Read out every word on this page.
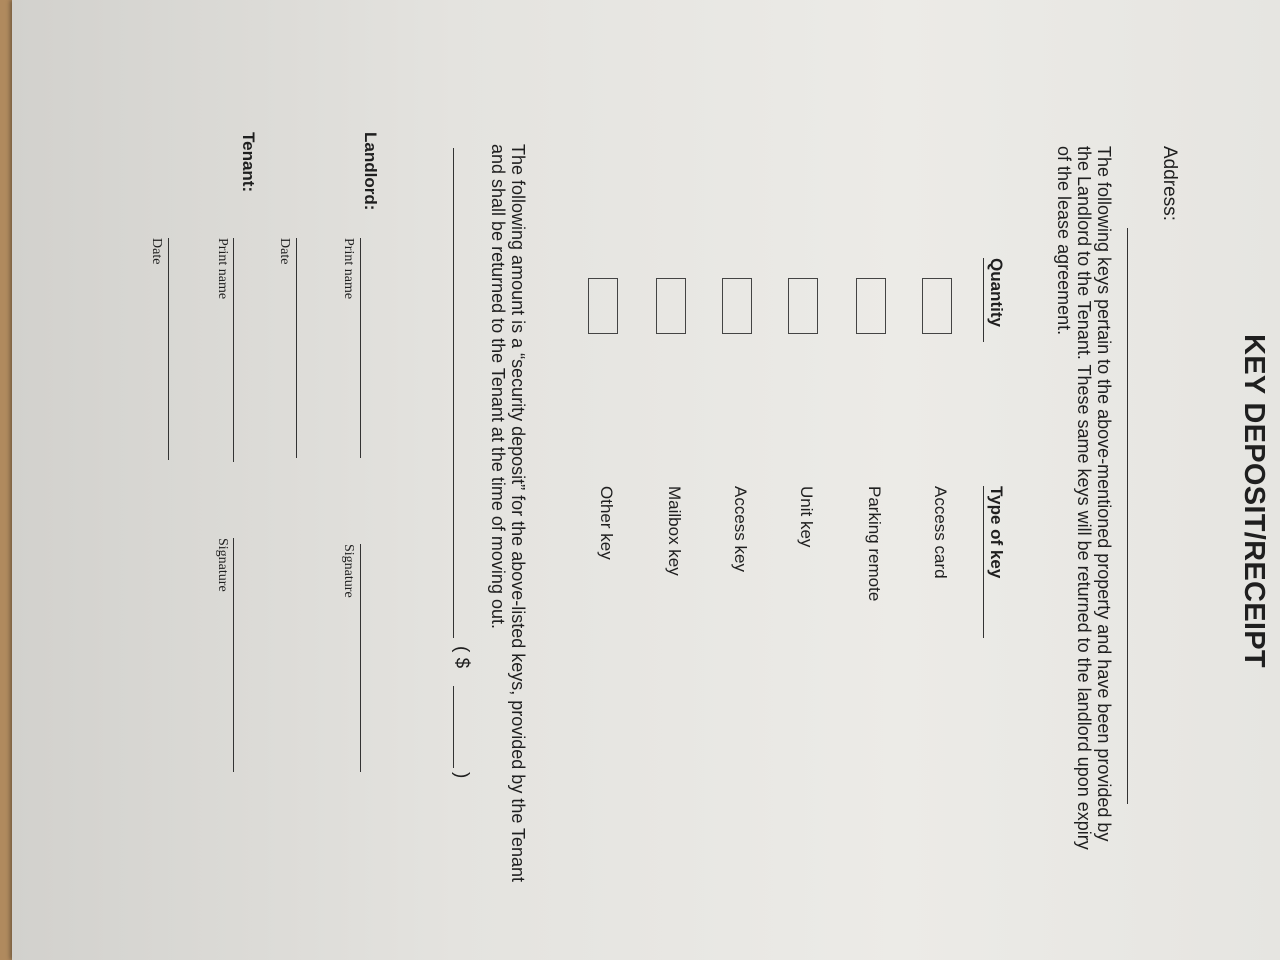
KEY DEPOSIT/RECEIPT
Address:
The following keys pertain to the above-mentioned property and have been provided by the Landlord to the Tenant. These same keys will be returned to the landlord upon expiry of the lease agreement.
Quantity
Type of key
Access card
Parking remote
Unit key
Access key
Mailbox key
Other key
The following amount is a “security deposit” for the above-listed keys, provided by the Tenant and shall be returned to the Tenant at the time of moving out.
( $
)
Landlord:
Print name
Signature
Date
Tenant:
Print name
Signature
Date
